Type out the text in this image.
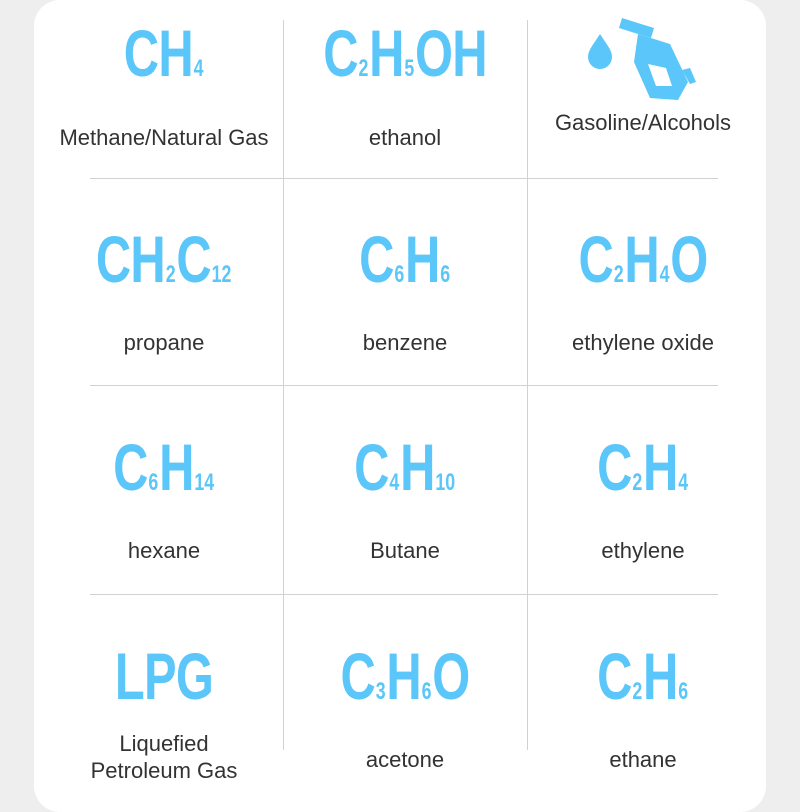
CH4
Methane/Natural Gas
C2H5OH
ethanol
Gasoline/Alcohols
CH2C12
propane
C6H6
benzene
C2H4O
ethylene oxide
C6H14
hexane
C4H10
Butane
C2H4
ethylene
LPG
Liquefied
Petroleum Gas
C3H6O
acetone
C2H6
ethane
